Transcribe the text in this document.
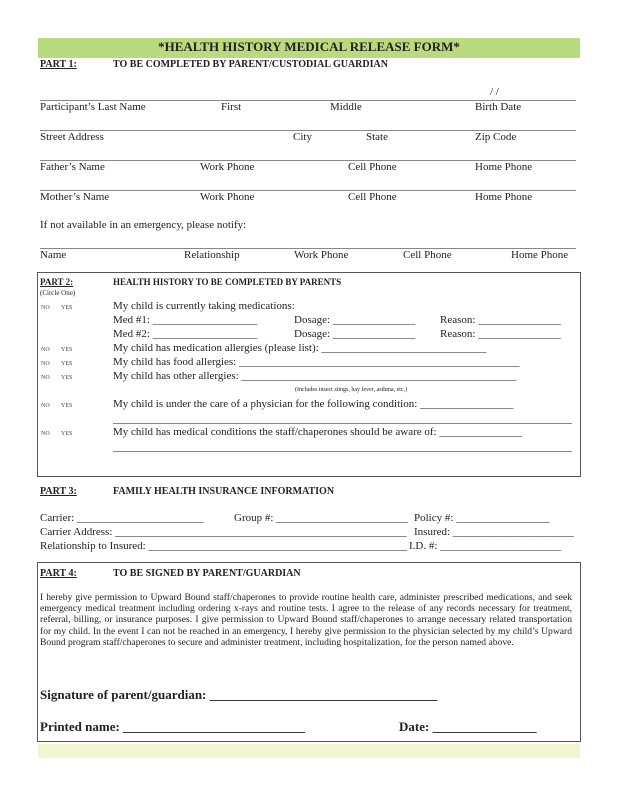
*HEALTH HISTORY MEDICAL RELEASE FORM*
PART 1:	TO BE COMPLETED BY PARENT/CUSTODIAL GUARDIAN
/ /
Participant’s Last Name	First	Middle	Birth Date
Street Address	City	State	Zip Code
Father’s Name	Work Phone	Cell Phone	Home Phone
Mother’s Name	Work Phone	Cell Phone	Home Phone
If not available in an emergency, please notify:
Name	Relationship	Work Phone	Cell Phone	Home Phone
PART 2:
(Circle One)
HEALTH HISTORY TO BE COMPLETED BY PARENTS
NO YES	My child is currently taking medications:
Med #1: ___________________	Dosage: _______________ Reason: _______________
Med #2: ___________________	Dosage: _______________ Reason: _______________
NO YES	My child has medication allergies (please list): ______________________________
NO YES	My child has food allergies: ___________________________________________________
NO YES	My child has other allergies: __________________________________________________
(Includes insect stings, hay fever, asthma, etc.)
NO YES	My child is under the care of a physician for the following condition: _________________
NO YES	My child has medical conditions the staff/chaperones should be aware of: _______________
PART 3:	FAMILY HEALTH INSURANCE INFORMATION
Carrier: _______________________	Group #: ________________________ Policy #: _________________
Carrier Address: _____________________________________________________ Insured: ______________________
Relationship to Insured: _______________________________________________ I.D. #: ______________________
PART 4:	TO BE SIGNED BY PARENT/GUARDIAN
I hereby give permission to Upward Bound staff/chaperones to provide routine health care, administer prescribed medications, and seek emergency medical treatment including ordering x-rays and routine tests. I agree to the release of any records necessary for treatment, referral, billing, or insurance purposes. I give permission to Upward Bound staff/chaperones to arrange necessary related transportation for my child. In the event I can not be reached in an emergency, I hereby give permission to the physician selected by my child’s Upward Bound program staff/chaperones to secure and administer treatment, including hospitalization, for the person named above.
Signature of parent/guardian: ___________________________________
Printed name: ____________________________	Date: ________________
